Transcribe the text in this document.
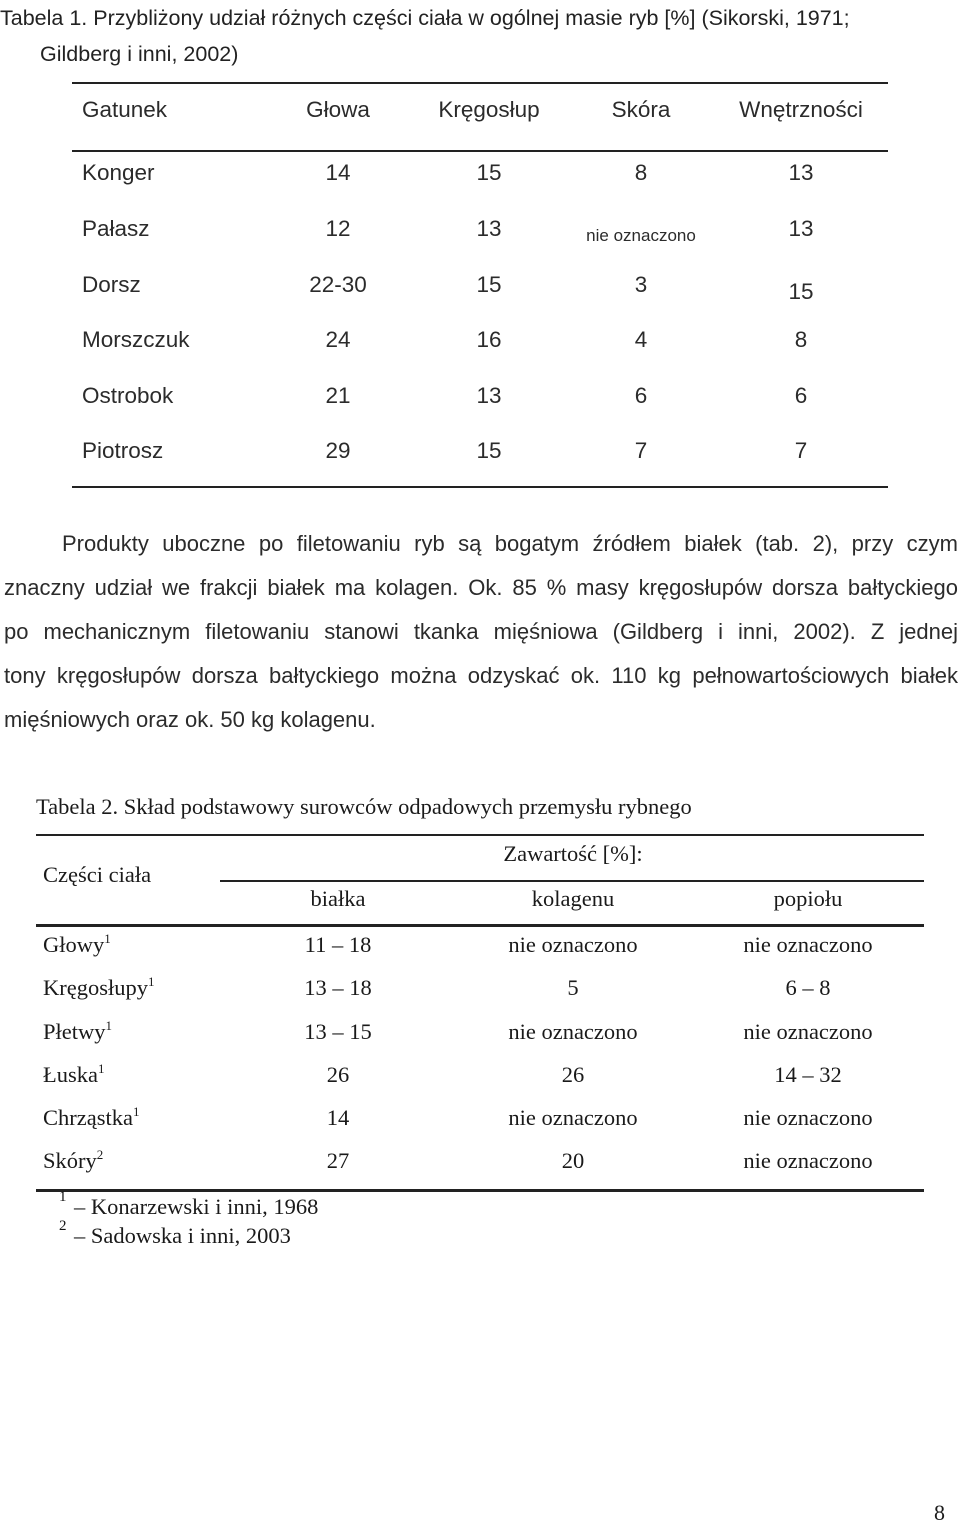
Tabela 1. Przybliżony udział różnych części ciała w ogólnej masie ryb [%] (Sikorski, 1971;
Gildberg i inni, 2002)
Gatunek	Głowa	Kręgosłup	Skóra	Wnętrzności
Konger	14	15	8	13
Pałasz	12	13	nie oznaczono	13
Dorsz	22-30	15	3	15
Morszczuk	24	16	4	8
Ostrobok	21	13	6	6
Piotrosz	29	15	7	7
Produkty uboczne po filetowaniu ryb są bogatym źródłem białek (tab. 2), przy czym
znaczny udział we frakcji białek ma kolagen. Ok. 85 % masy kręgosłupów dorsza bałtyckiego
po mechanicznym filetowaniu stanowi tkanka mięśniowa (Gildberg i inni, 2002). Z jednej
tony kręgosłupów dorsza bałtyckiego można odzyskać ok. 110 kg pełnowartościowych białek
mięśniowych oraz ok. 50 kg kolagenu.
Tabela 2. Skład podstawowy surowców odpadowych przemysłu rybnego
Części ciała
Zawartość [%]:
białka	kolagenu	popiołu
Głowy$^1$	11 – 18	nie oznaczono	nie oznaczono
Kręgosłupy$^1$	13 – 18	5	6 – 8
Płetwy$^1$	13 – 15	nie oznaczono	nie oznaczono
Łuska$^1$	26	26	14 – 32
Chrząstka$^1$	14	nie oznaczono	nie oznaczono
Skóry$^2$	27	20	nie oznaczono
1 – Konarzewski i inni, 1968
2 – Sadowska i inni, 2003
8
